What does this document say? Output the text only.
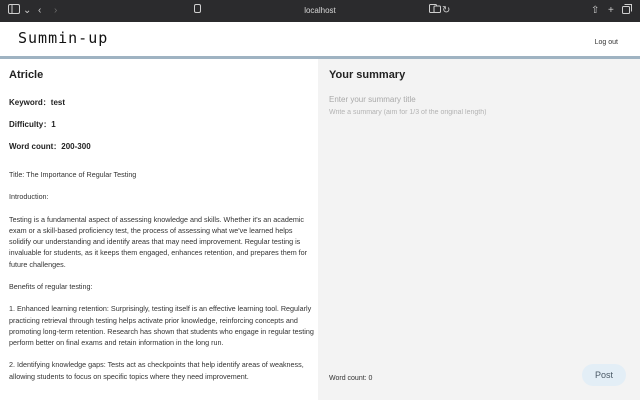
⌄ ‹ ›	localhost	↻	⇧ +
Summin-up	Log out
Atricle
Keyword：test
Difficulty：1
Word count：200-300

Title: The Importance of Regular Testing

Introduction:

Testing is a fundamental aspect of assessing knowledge and skills. Whether it's an academic exam or a skill-based proficiency test, the process of assessing what we've learned helps solidify our understanding and identify areas that may need improvement. Regular testing is invaluable for students, as it keeps them engaged, enhances retention, and prepares them for future challenges.

Benefits of regular testing:

1. Enhanced learning retention: Surprisingly, testing itself is an effective learning tool. Regularly practicing retrieval through testing helps activate prior knowledge, reinforcing concepts and promoting long-term retention. Research has shown that students who engage in regular testing perform better on final exams and retain information in the long run.

2. Identifying knowledge gaps: Tests act as checkpoints that help identify areas of weakness, allowing students to focus on specific topics where they need improvement.

Your summary
Enter your summary title
Write a summary (aim for 1/3 of the original length)
Word count: 0	Post
